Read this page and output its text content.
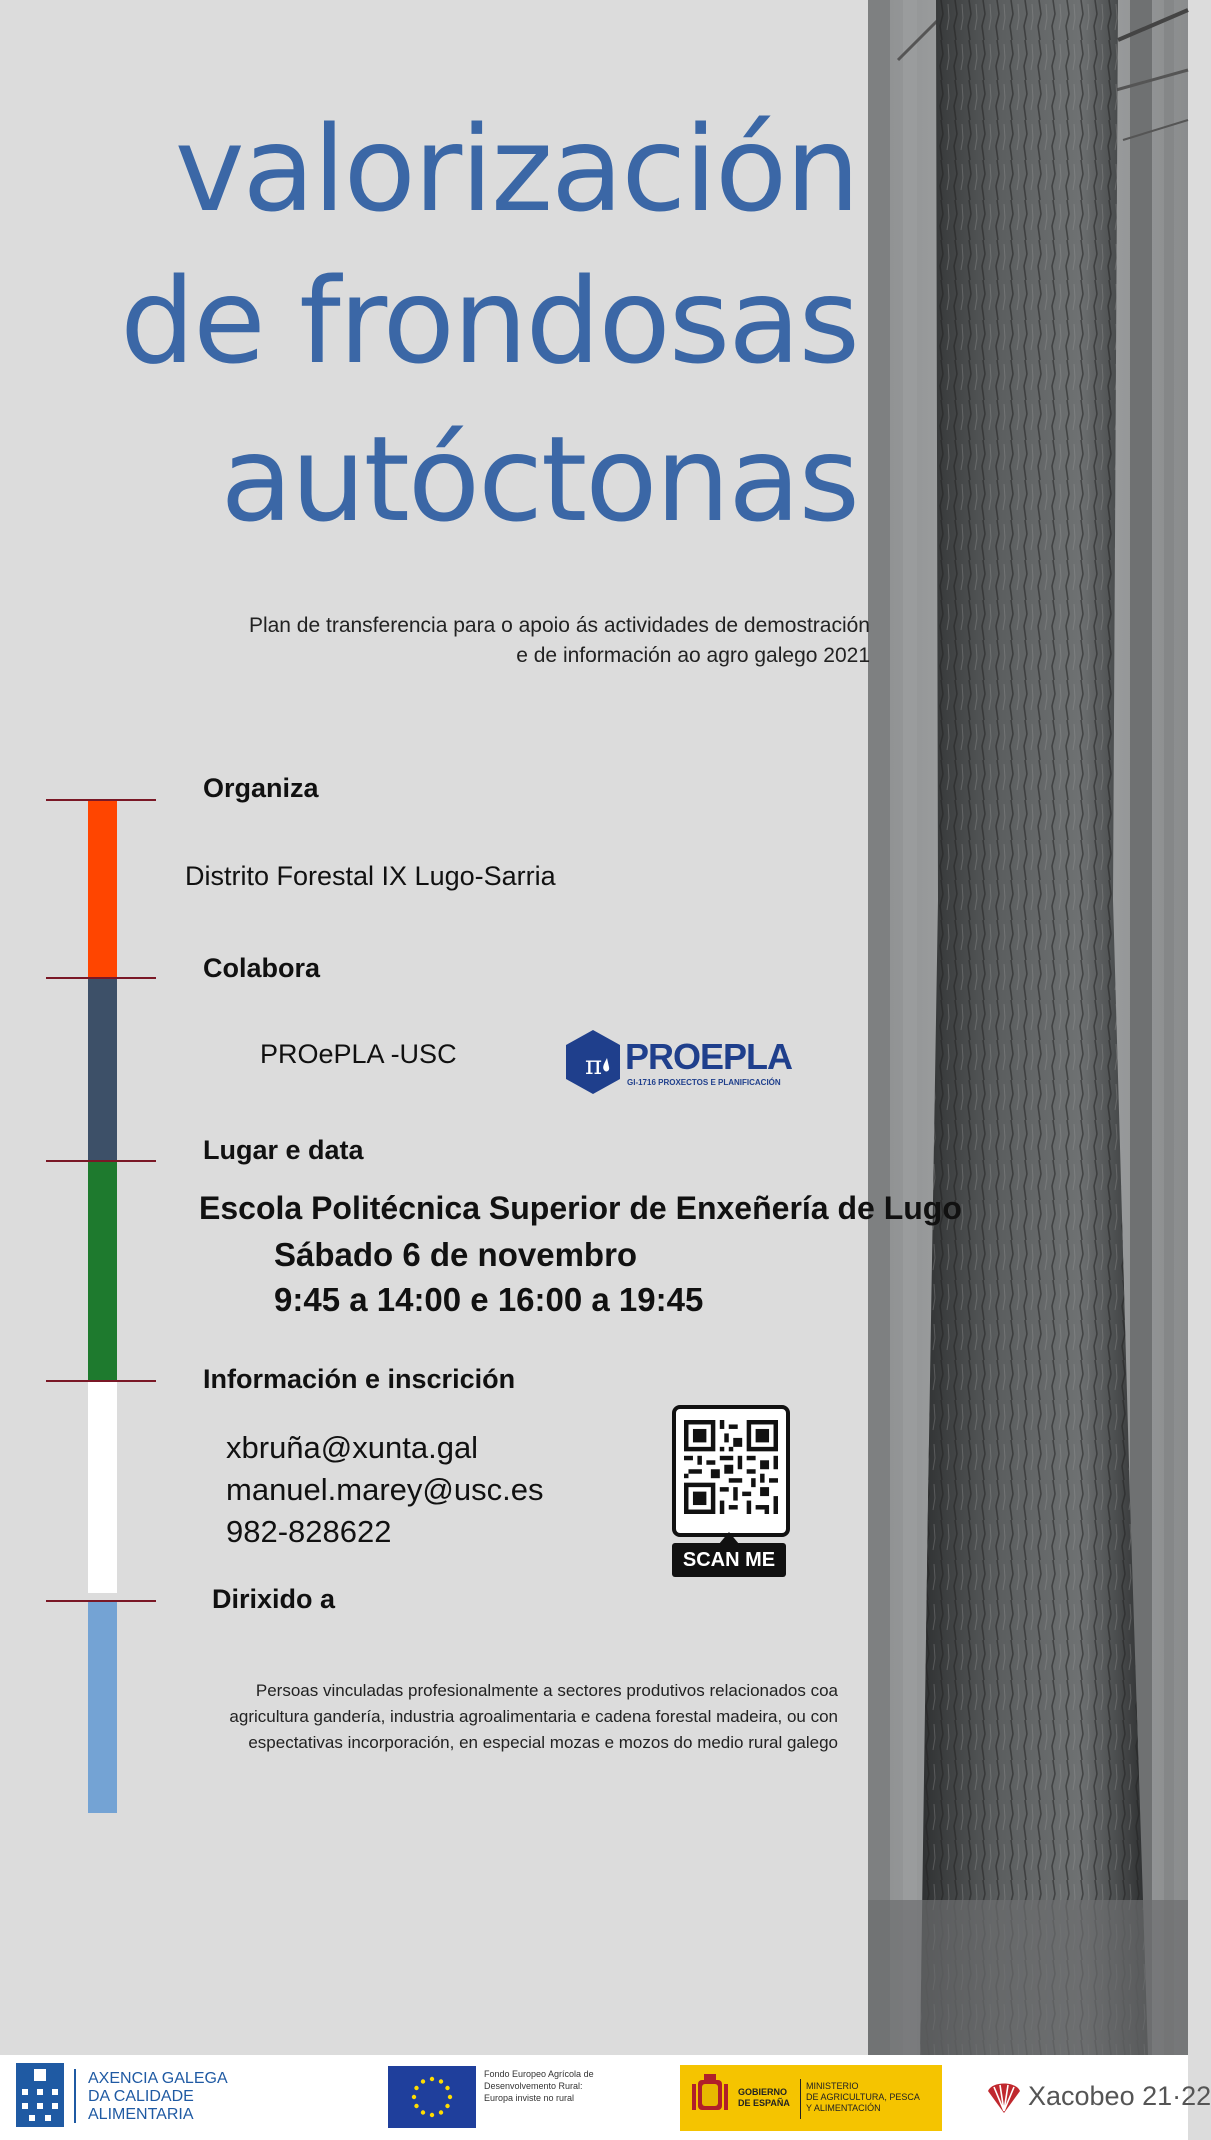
valorización
de frondosas
autóctonas
Plan de transferencia para o apoio ás actividades de demostración
e de información ao agro galego 2021
Organiza
Distrito Forestal IX Lugo-Sarria
Colabora
PROePLA -USC	π PROEPLA
GI-1716 PROXECTOS E PLANIFICACIÓN
Lugar e data
Escola Politécnica Superior de Enxeñería de Lugo
Sábado 6 de novembro
9:45 a 14:00 e 16:00 a 19:45
Información e inscrición
xbruña@xunta.gal
manuel.marey@usc.es
982-828622
SCAN ME
Dirixido a
Persoas vinculadas profesionalmente a sectores produtivos relacionados coa
agricultura gandería, industria agroalimentaria e cadena forestal madeira, ou con
espectativas incorporación, en especial mozas e mozos do medio rural galego
AXENCIA GALEGA
DA CALIDADE
ALIMENTARIA
Fondo Europeo Agrícola de
Desenvolvemento Rural:
Europa inviste no rural
GOBIERNO
DE ESPAÑA
MINISTERIO
DE AGRICULTURA, PESCA
Y ALIMENTACIÓN	Xacobeo 21·22
